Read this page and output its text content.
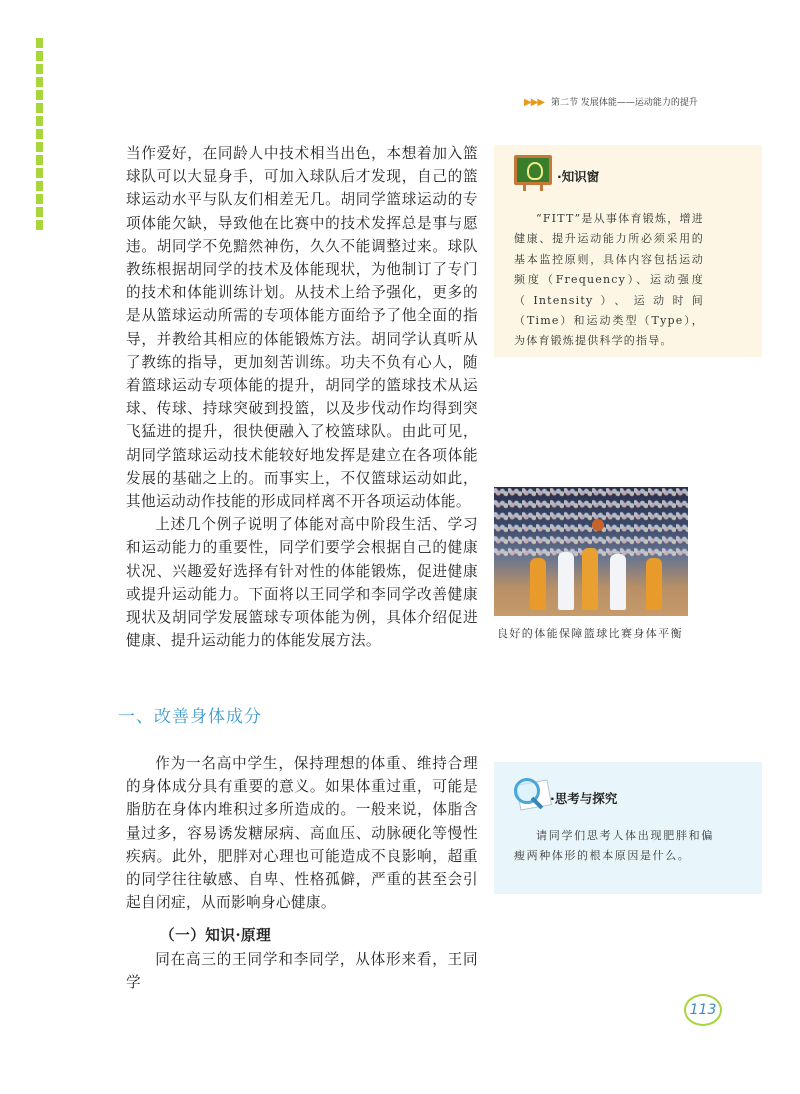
▶▶▶ 第二节 发展体能——运动能力的提升

当作爱好，在同龄人中技术相当出色，本想着加入篮球队可以大显身手，可加入球队后才发现，自己的篮球运动水平与队友们相差无几。胡同学篮球运动的专项体能欠缺，导致他在比赛中的技术发挥总是事与愿违。胡同学不免黯然神伤，久久不能调整过来。球队教练根据胡同学的技术及体能现状，为他制订了专门的技术和体能训练计划。从技术上给予强化，更多的是从篮球运动所需的专项体能方面给予了他全面的指导，并教给其相应的体能锻炼方法。胡同学认真听从了教练的指导，更加刻苦训练。功夫不负有心人，随着篮球运动专项体能的提升，胡同学的篮球技术从运球、传球、持球突破到投篮，以及步伐动作均得到突飞猛进的提升，很快便融入了校篮球队。由此可见，胡同学篮球运动技术能较好地发挥是建立在各项体能发展的基础之上的。而事实上，不仅篮球运动如此，其他运动动作技能的形成同样离不开各项运动体能。

上述几个例子说明了体能对高中阶段生活、学习和运动能力的重要性，同学们要学会根据自己的健康状况、兴趣爱好选择有针对性的体能锻炼，促进健康或提升运动能力。下面将以王同学和李同学改善健康现状及胡同学发展篮球专项体能为例，具体介绍促进健康、提升运动能力的体能发展方法。

一、改善身体成分

作为一名高中学生，保持理想的体重、维持合理的身体成分具有重要的意义。如果体重过重，可能是脂肪在身体内堆积过多所造成的。一般来说，体脂含量过多，容易诱发糖尿病、高血压、动脉硬化等慢性疾病。此外，肥胖对心理也可能造成不良影响，超重的同学往往敏感、自卑、性格孤僻，严重的甚至会引起自闭症，从而影响身心健康。

（一）知识·原理

同在高三的王同学和李同学，从体形来看，王同学

·知识窗

“FITT”是从事体育锻炼，增进健康、提升运动能力所必须采用的基本监控原则，具体内容包括运动频度（Frequency）、运动强度（Intensity）、运动时间（Time）和运动类型（Type），为体育锻炼提供科学的指导。

良好的体能保障篮球比赛身体平衡
·思考与探究

请同学们思考人体出现肥胖和偏瘦两种体形的根本原因是什么。

113
